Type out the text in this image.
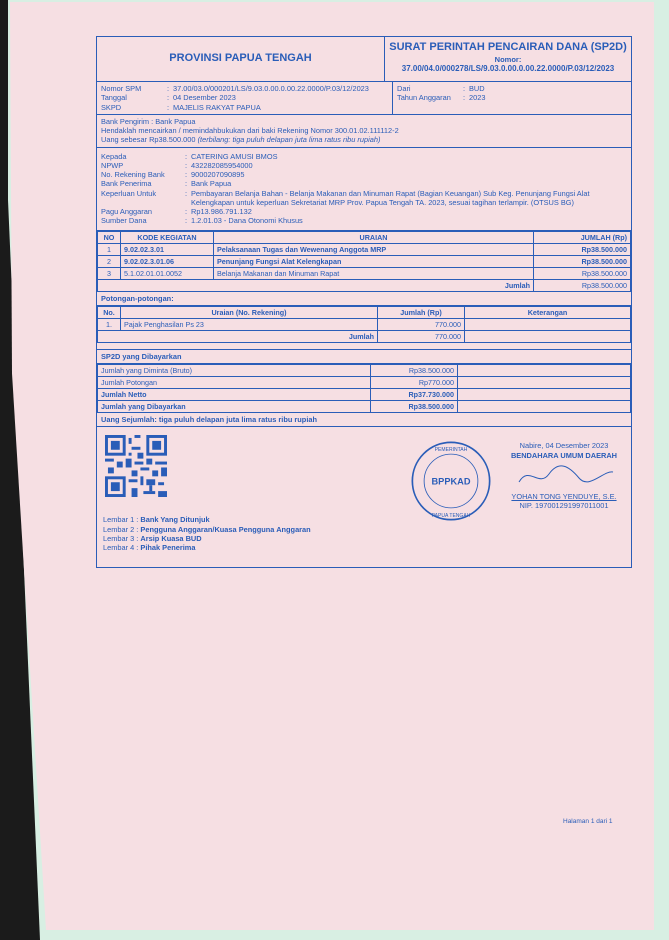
PROVINSI PAPUA TENGAH
SURAT PERINTAH PENCAIRAN DANA (SP2D)
Nomor:
37.00/04.0/000278/LS/9.03.0.00.0.00.22.0000/P.03/12/2023
Nomor SPM	: 37.00/03.0/000201/LS/9.03.0.00.0.00.22.0000/P.03/12/2023
Tanggal	: 04 Desember 2023
SKPD	: MAJELIS RAKYAT PAPUA
Dari	: BUD
Tahun Anggaran	: 2023
Bank Pengirim : Bank Papua
Hendaklah mencairkan / memindahbukukan dari baki Rekening Nomor 300.01.02.111112-2
Uang sebesar Rp38.500.000 (terbilang: tiga puluh delapan juta lima ratus ribu rupiah)
Kepada	: CATERING AMUSI BMOS
NPWP	: 432282085954000
No. Rekening Bank	: 9000207090895
Bank Penerima	: Bank Papua
Keperluan Untuk	: Pembayaran Belanja Bahan - Belanja Makanan dan Minuman Rapat (Bagian Keuangan) Sub Keg. Penunjang Fungsi Alat Kelengkapan untuk keperluan Sekretariat MRP Prov. Papua Tengah TA. 2023, sesuai tagihan terlampir. (OTSUS BG)
Pagu Anggaran	: Rp13.986.791.132
Sumber Dana	: 1.2.01.03 - Dana Otonomi Khusus
NO	KODE KEGIATAN	URAIAN	JUMLAH (Rp)
1	9.02.02.3.01	Pelaksanaan Tugas dan Wewenang Anggota MRP	Rp38.500.000
2	9.02.02.3.01.06	Penunjang Fungsi Alat Kelengkapan	Rp38.500.000
3	5.1.02.01.01.0052	Belanja Makanan dan Minuman Rapat	Rp38.500.000
Jumlah			Rp38.500.000
Potongan-potongan:
No.	Uraian (No. Rekening)	Jumlah (Rp)	Keterangan
1.	Pajak Penghasilan Ps 23	770.000	
Jumlah		770.000	
SP2D yang Dibayarkan
Jumlah yang Diminta (Bruto)	Rp38.500.000	
Jumlah Potongan	Rp770.000	
Jumlah Netto	Rp37.730.000	
Jumlah yang Dibayarkan	Rp38.500.000	
Uang Sejumlah: tiga puluh delapan juta lima ratus ribu rupiah
BPPKAD
PEMERINTAH
PAPUA TENGAH
Nabire, 04 Desember 2023
BENDAHARA UMUM DAERAH
YOHAN TONG YENDUYE, S.E.
NIP. 197001291997011001
Lembar 1 : Bank Yang Ditunjuk
Lembar 2 : Pengguna Anggaran/Kuasa Pengguna Anggaran
Lembar 3 : Arsip Kuasa BUD
Lembar 4 : Pihak Penerima
Halaman 1 dari 1
